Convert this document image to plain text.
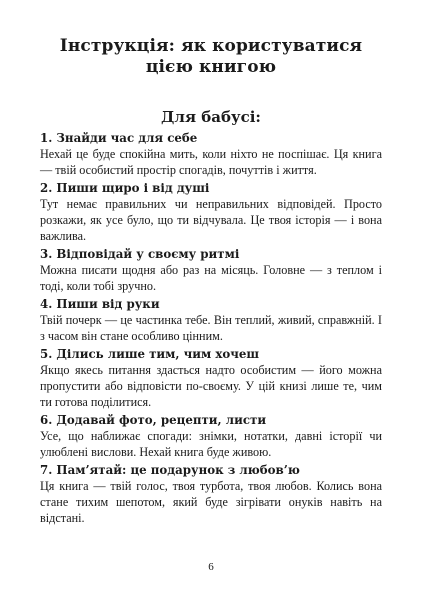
Інструкція: як користуватися цією книгою
Для бабусі:

1. Знайди час для себе

Нехай це буде спокійна мить, коли ніхто не поспішає. Ця книга — твій особистий простір спогадів, почуттів і життя.

2. Пиши щиро і від душі

Тут немає правильних чи неправильних відповідей. Просто розкажи, як усе було, що ти відчувала. Це твоя історія — і вона важлива.

3. Відповідай у своєму ритмі

Можна писати щодня або раз на місяць. Головне — з теплом і тоді, коли тобі зручно.

4. Пиши від руки

Твій почерк — це частинка тебе. Він теплий, живий, справжній. І з часом він стане особливо цінним.

5. Ділись лише тим, чим хочеш

Якщо якесь питання здасться надто особистим — його можна пропустити або відповісти по-своєму. У цій книзі лише те, чим ти готова поділитися.

6. Додавай фото, рецепти, листи

Усе, що наближає спогади: знімки, нотатки, давні історії чи улюблені вислови. Нехай книга буде живою.

7. Пам’ятай: це подарунок з любов’ю

Ця книга — твій голос, твоя турбота, твоя любов. Колись вона стане тихим шепотом, який буде зігрівати онуків навіть на відстані.

6
